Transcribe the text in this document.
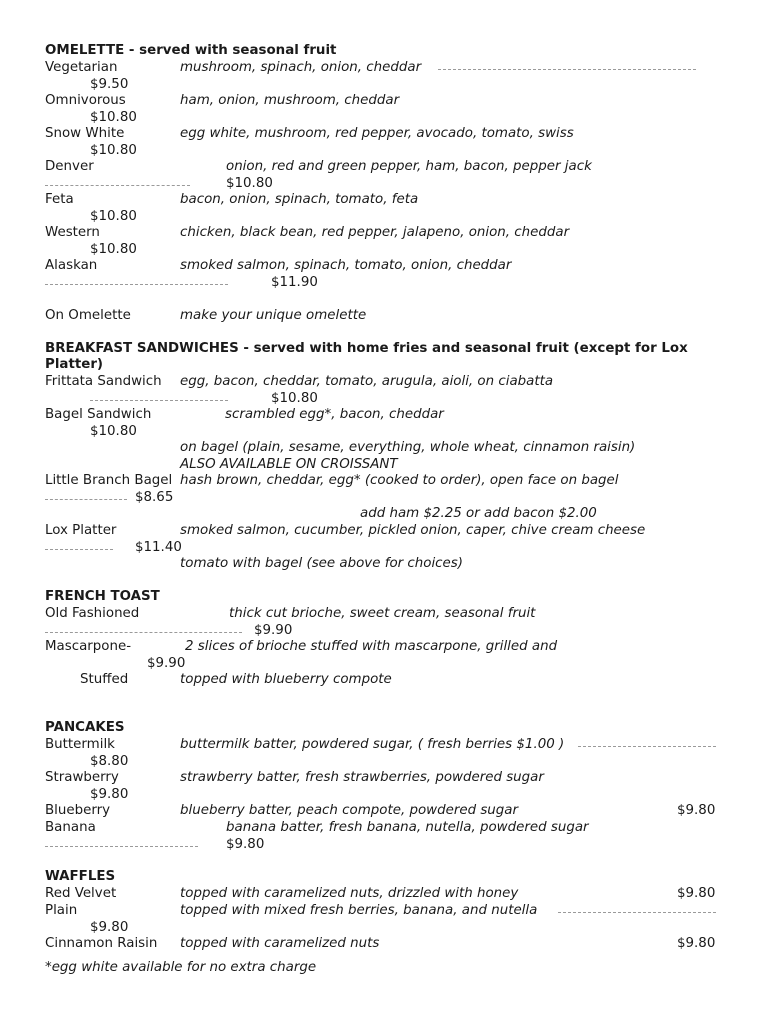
OMELETTE - served with seasonal fruit
Vegetarian	mushroom, spinach, onion, cheddar
$9.50
Omnivorous	ham, onion, mushroom, cheddar
$10.80
Snow White	egg white, mushroom, red pepper, avocado, tomato, swiss
$10.80
Denver	onion, red and green pepper, ham, bacon, pepper jack
$10.80
Feta	bacon, onion, spinach, tomato, feta
$10.80
Western	chicken, black bean, red pepper, jalapeno, onion, cheddar
$10.80
Alaskan	smoked salmon, spinach, tomato, onion, cheddar
$11.90
On Omelette	make your unique omelette
BREAKFAST SANDWICHES - served with home fries and seasonal fruit (except for Lox
Platter)
Frittata Sandwich egg, bacon, cheddar, tomato, arugula, aioli, on ciabatta
$10.80
Bagel Sandwich	scrambled egg*, bacon, cheddar
$10.80
on bagel (plain, sesame, everything, whole wheat, cinnamon raisin)
ALSO AVAILABLE ON CROISSANT
Little Branch Bagel hash brown, cheddar, egg* (cooked to order), open face on bagel
$8.65
add ham $2.25 or add bacon $2.00
Lox Platter	smoked salmon, cucumber, pickled onion, caper, chive cream cheese
$11.40
tomato with bagel (see above for choices)
FRENCH TOAST
Old Fashioned	thick cut brioche, sweet cream, seasonal fruit
$9.90
Mascarpone-	2 slices of brioche stuffed with mascarpone, grilled and
$9.90
Stuffed	topped with blueberry compote
PANCAKES
Buttermilk	buttermilk batter, powdered sugar, ( fresh berries $1.00 )
$8.80
Strawberry	strawberry batter, fresh strawberries, powdered sugar
$9.80
Blueberry	blueberry batter, peach compote, powdered sugar	$9.80
Banana	banana batter, fresh banana, nutella, powdered sugar
$9.80
WAFFLES
Red Velvet	topped with caramelized nuts, drizzled with honey	$9.80
Plain	topped with mixed fresh berries, banana, and nutella
$9.80
Cinnamon Raisin topped with caramelized nuts	$9.80
*egg white available for no extra charge
